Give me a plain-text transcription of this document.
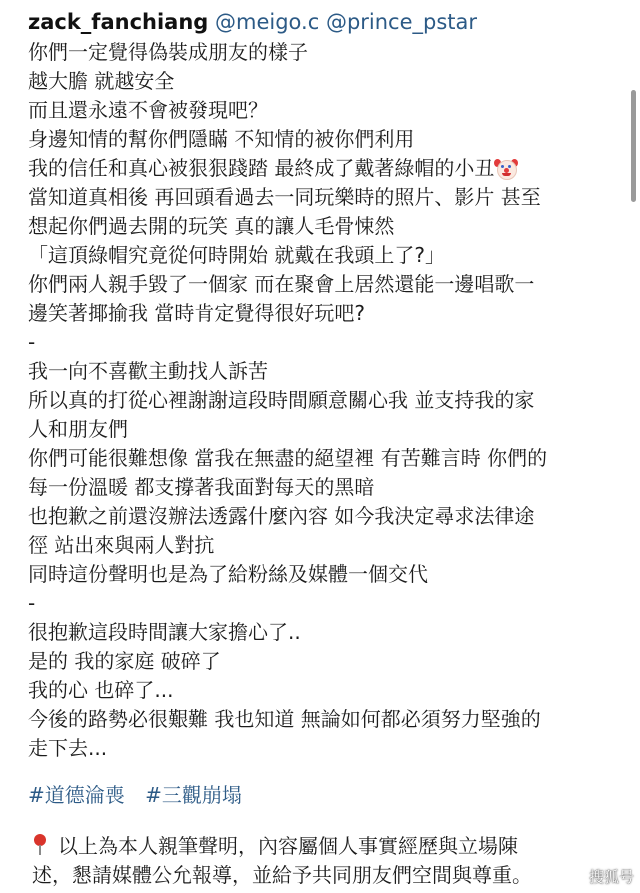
zack_fanchiang @meigo.c @prince_pstar
你們一定覺得偽裝成朋友的樣子
越大膽 就越安全
而且還永遠不會被發現吧？
身邊知情的幫你們隱瞞 不知情的被你們利用
我的信任和真心被狠狠踐踏 最終成了戴著綠帽的小丑
當知道真相後 再回頭看過去一同玩樂時的照片、影片 甚至
想起你們過去開的玩笑 真的讓人毛骨悚然
「這頂綠帽究竟從何時開始 就戴在我頭上了?」
你們兩人親手毀了一個家 而在聚會上居然還能一邊唱歌一
邊笑著揶揄我 當時肯定覺得很好玩吧?
-
我一向不喜歡主動找人訴苦
所以真的打從心裡謝謝這段時間願意關心我 並支持我的家
人和朋友們
你們可能很難想像 當我在無盡的絕望裡 有苦難言時 你們的
每一份溫暖 都支撐著我面對每天的黑暗
也抱歉之前還沒辦法透露什麼內容 如今我決定尋求法律途
徑 站出來與兩人對抗
同時這份聲明也是為了給粉絲及媒體一個交代
-
很抱歉這段時間讓大家擔心了..
是的 我的家庭 破碎了
我的心 也碎了...
今後的路勢必很艱難 我也知道 無論如何都必須努力堅強的
走下去...
#道德淪喪 #三觀崩塌
以上為本人親筆聲明，內容屬個人事實經歷與立場陳
述，懇請媒體公允報導，並給予共同朋友們空間與尊重。	搜狐号
